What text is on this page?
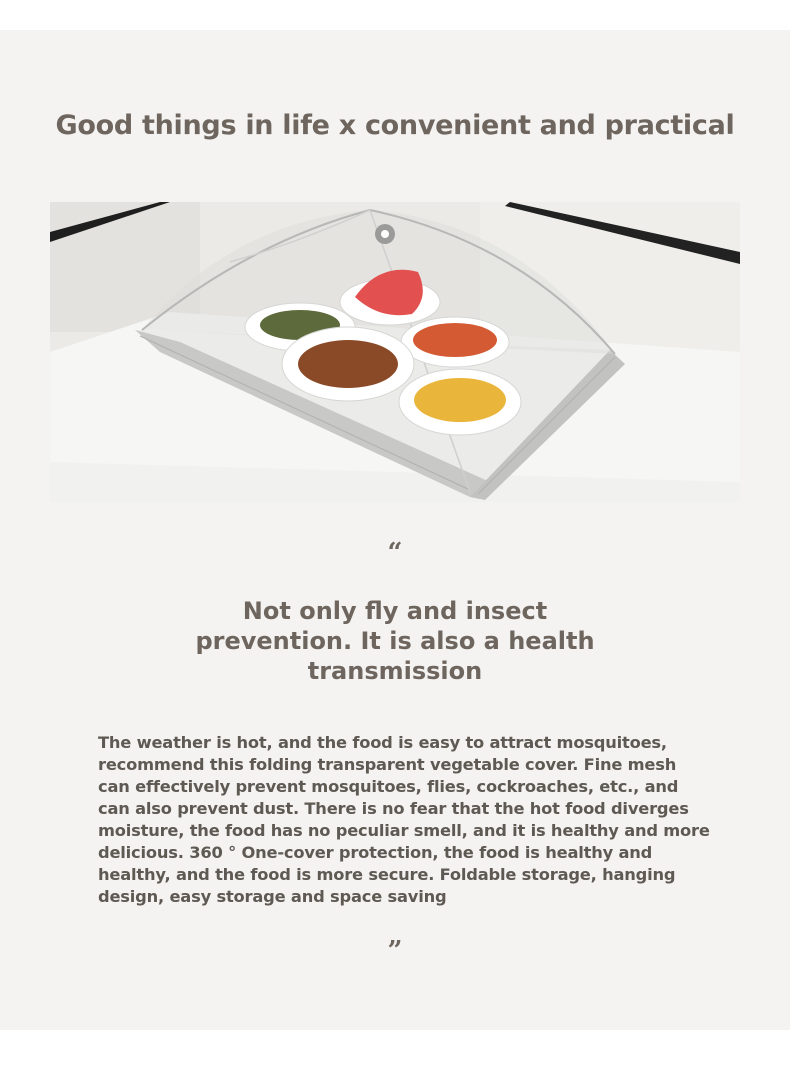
Good things in life x convenient and practical
“
Not only fly and insect prevention. It is also a health transmission

The weather is hot, and the food is easy to attract mosquitoes, recommend this folding transparent vegetable cover. Fine mesh can effectively prevent mosquitoes, flies, cockroaches, etc., and can also prevent dust. There is no fear that the hot food diverges moisture, the food has no peculiar smell, and it is healthy and more delicious. 360 ° One-cover protection, the food is healthy and healthy, and the food is more secure. Foldable storage, hanging design, easy storage and space saving

”
